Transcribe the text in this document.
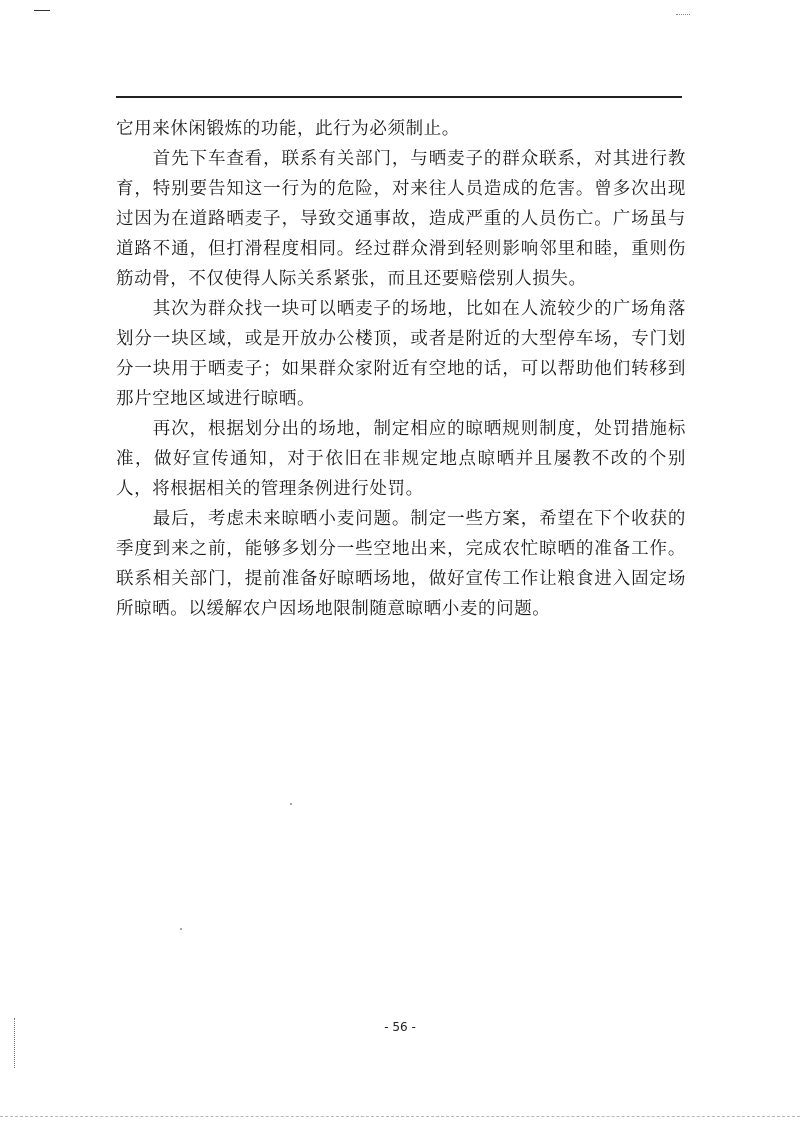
它用来休闲锻炼的功能，此行为必须制止。

首先下车查看，联系有关部门，与晒麦子的群众联系，对其进行教育，特别要告知这一行为的危险，对来往人员造成的危害。曾多次出现过因为在道路晒麦子，导致交通事故，造成严重的人员伤亡。广场虽与道路不通，但打滑程度相同。经过群众滑到轻则影响邻里和睦，重则伤筋动骨，不仅使得人际关系紧张，而且还要赔偿别人损失。

其次为群众找一块可以晒麦子的场地，比如在人流较少的广场角落划分一块区域，或是开放办公楼顶，或者是附近的大型停车场，专门划分一块用于晒麦子；如果群众家附近有空地的话，可以帮助他们转移到那片空地区域进行晾晒。

再次，根据划分出的场地，制定相应的晾晒规则制度，处罚措施标准，做好宣传通知，对于依旧在非规定地点晾晒并且屡教不改的个别人，将根据相关的管理条例进行处罚。

最后，考虑未来晾晒小麦问题。制定一些方案，希望在下个收获的季度到来之前，能够多划分一些空地出来，完成农忙晾晒的准备工作。联系相关部门，提前准备好晾晒场地，做好宣传工作让粮食进入固定场所晾晒。以缓解农户因场地限制随意晾晒小麦的问题。

- 56 -
